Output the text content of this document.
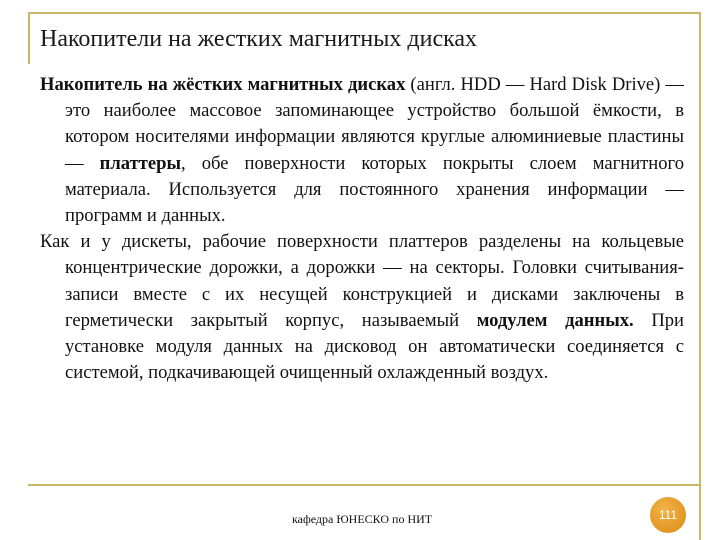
Накопители на жестких магнитных дисках

Накопитель на жёстких магнитных дисках (англ. HDD — Hard Disk Drive) — это наиболее массовое запоминающее устройство большой ёмкости, в котором носителями информации являются круглые алюминиевые пластины — платтеры, обе поверхности которых покрыты слоем магнитного материала. Используется для постоянного хранения информации — программ и данных.

Как и у дискеты, рабочие поверхности платтеров разделены на кольцевые концентрические дорожки, а дорожки — на секторы. Головки считывания-записи вместе с их несущей конструкцией и дисками заключены в герметически закрытый корпус, называемый модулем данных. При установке модуля данных на дисковод он автоматически соединяется с системой, подкачивающей очищенный охлажденный воздух.

кафедра ЮНЕСКО по НИТ	111
